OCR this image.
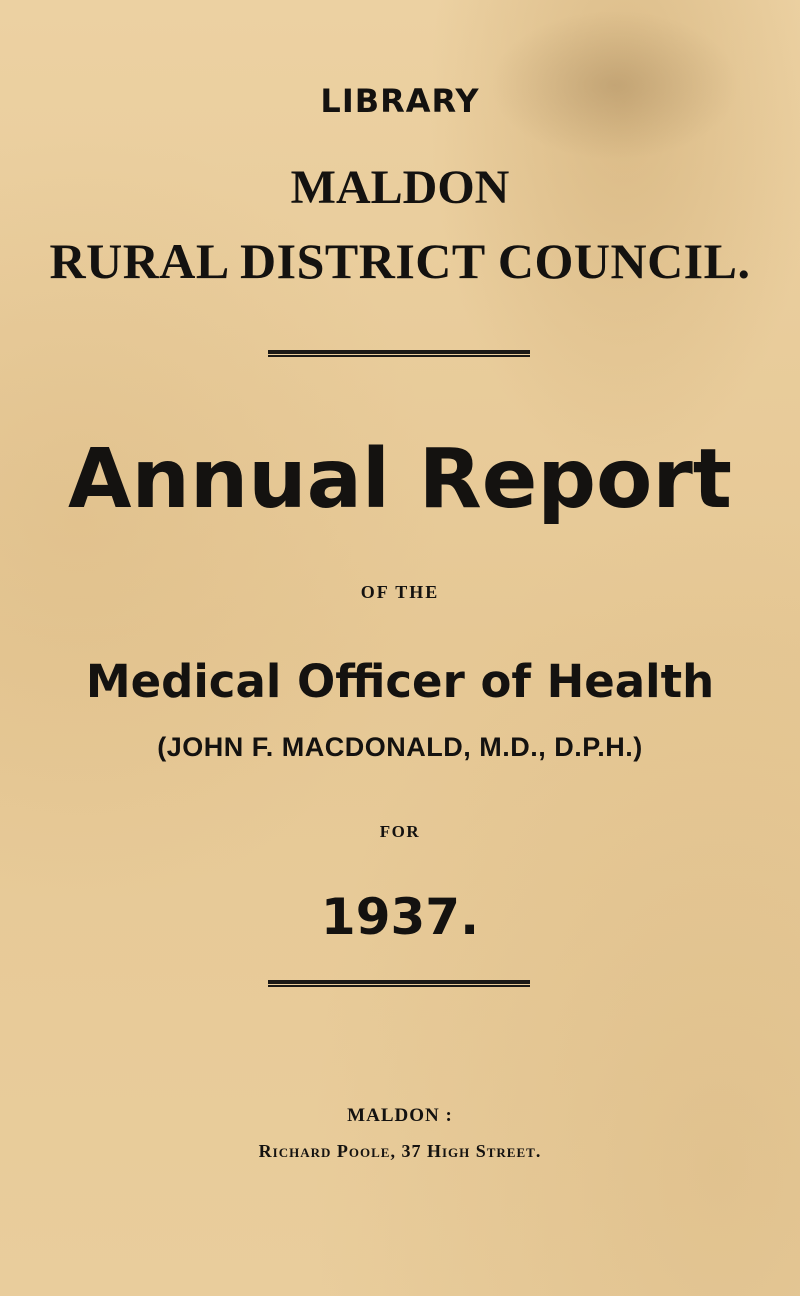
LIBRARY
MALDON
RURAL DISTRICT COUNCIL.
Annual Report
OF THE
Medical Officer of Health
(JOHN F. MACDONALD, M.D., D.P.H.)
FOR
1937.
MALDON :
Richard Poole, 37 High Street.
